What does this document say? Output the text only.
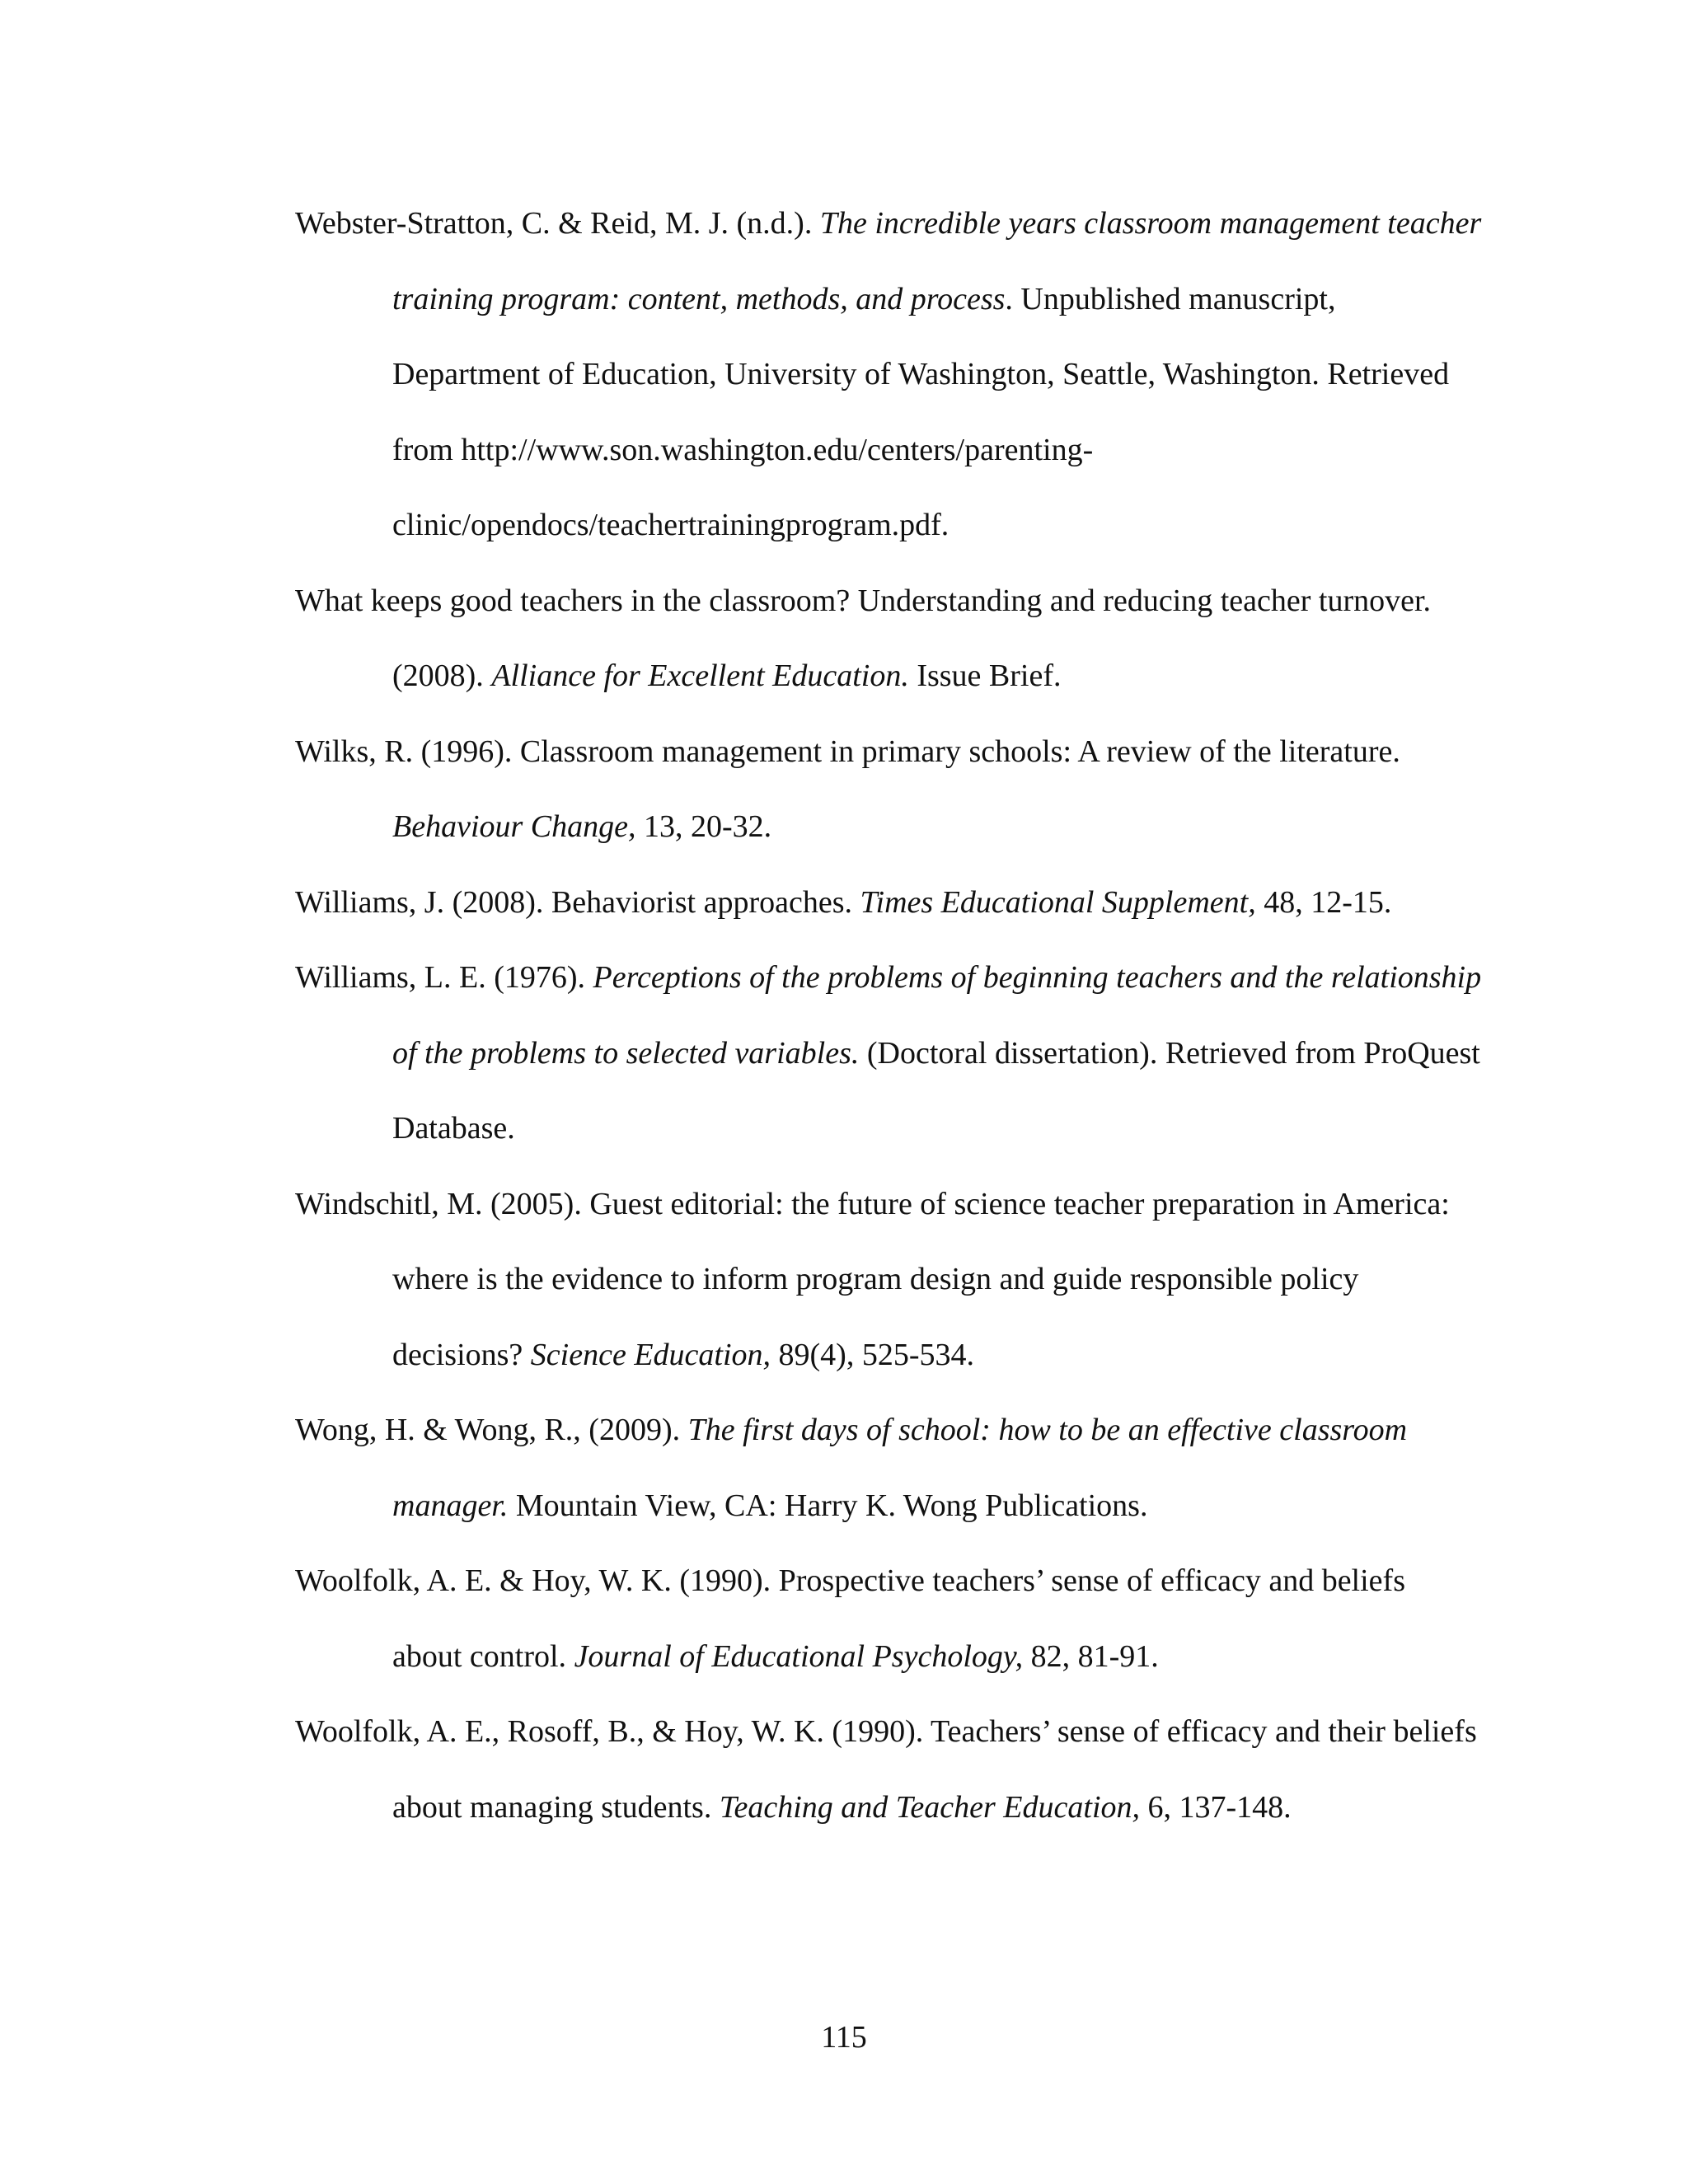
Webster-Stratton, C. & Reid, M. J. (n.d.). The incredible years classroom management teacher training program: content, methods, and process. Unpublished manuscript, Department of Education, University of Washington, Seattle, Washington. Retrieved from http://www.son.washington.edu/centers/parenting-clinic/opendocs/teachertrainingprogram.pdf.

What keeps good teachers in the classroom? Understanding and reducing teacher turnover. (2008). Alliance for Excellent Education. Issue Brief.

Wilks, R. (1996). Classroom management in primary schools: A review of the literature. Behaviour Change, 13, 20-32.

Williams, J. (2008). Behaviorist approaches. Times Educational Supplement, 48, 12-15.

Williams, L. E. (1976). Perceptions of the problems of beginning teachers and the relationship of the problems to selected variables. (Doctoral dissertation). Retrieved from ProQuest Database.

Windschitl, M. (2005). Guest editorial: the future of science teacher preparation in America: where is the evidence to inform program design and guide responsible policy decisions? Science Education, 89(4), 525-534.

Wong, H. & Wong, R., (2009). The first days of school: how to be an effective classroom manager. Mountain View, CA: Harry K. Wong Publications.

Woolfolk, A. E. & Hoy, W. K. (1990). Prospective teachers’ sense of efficacy and beliefs about control. Journal of Educational Psychology, 82, 81-91.

Woolfolk, A. E., Rosoff, B., & Hoy, W. K. (1990). Teachers’ sense of efficacy and their beliefs about managing students. Teaching and Teacher Education, 6, 137-148.

115
